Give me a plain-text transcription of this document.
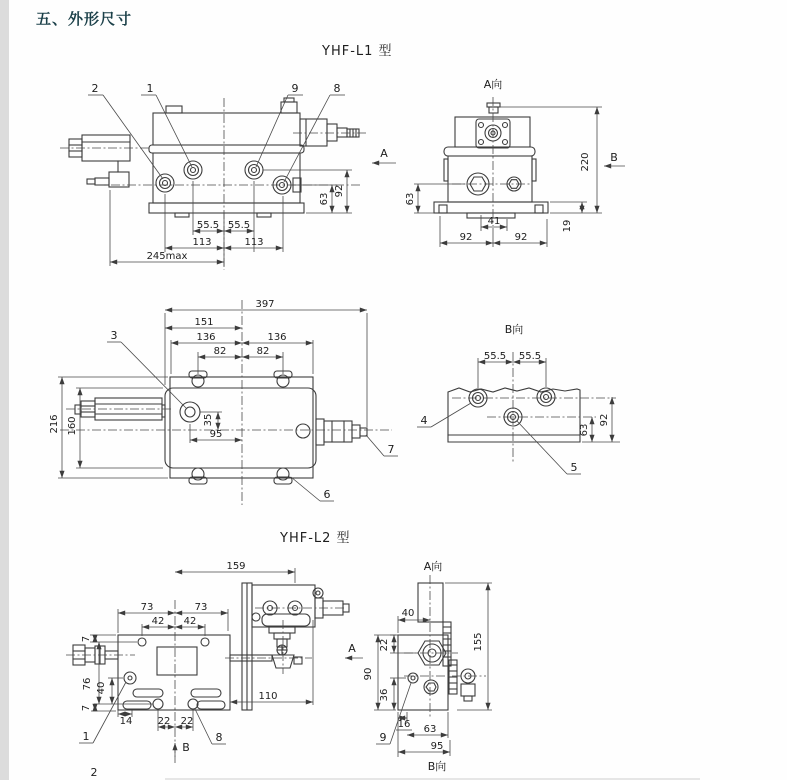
五、外形尺寸
YHF-L1 型
YHF-L2 型
2	1	9	8
55.5 55.5
113	113
245max
63
92
A
A向
220
19
41
92	92
63
B
397
151
136	136
82	82
216 160	35
95
3
7
6
B向
55.5 55.5
63
92
4
5
159
73	73
42 42
110
7
76 40
7
14	22 22
A
B
1	8
2
A向
B向
40
22
90
36
155
16 63
95
9
